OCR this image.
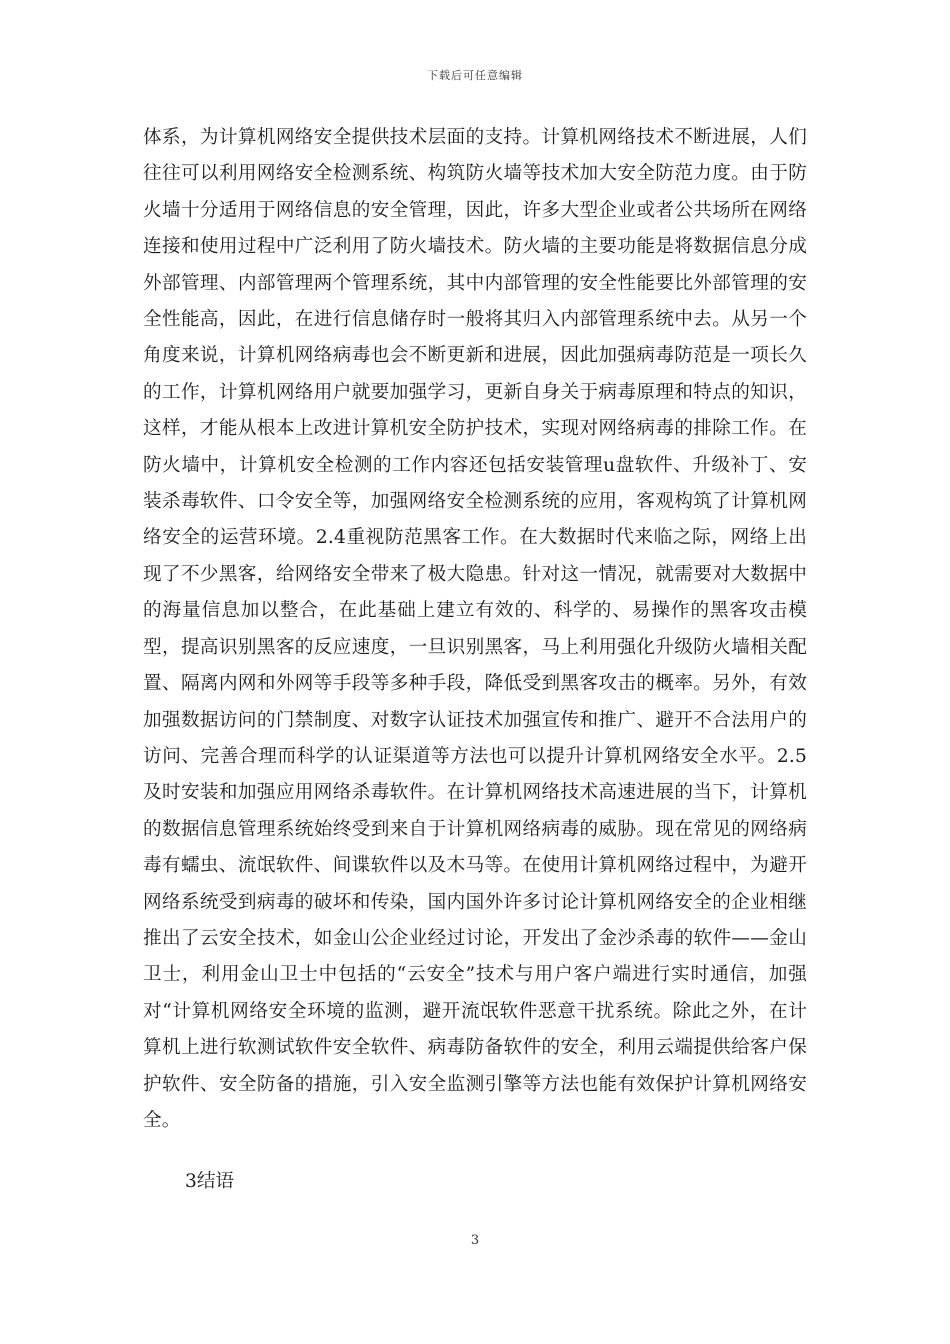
下载后可任意编辑

体系，为计算机网络安全提供技术层面的支持。计算机网络技术不断进展，人们往往可以利用网络安全检测系统、构筑防火墙等技术加大安全防范力度。由于防火墙十分适用于网络信息的安全管理，因此，许多大型企业或者公共场所在网络连接和使用过程中广泛利用了防火墙技术。防火墙的主要功能是将数据信息分成外部管理、内部管理两个管理系统，其中内部管理的安全性能要比外部管理的安全性能高，因此，在进行信息储存时一般将其归入内部管理系统中去。从另一个角度来说，计算机网络病毒也会不断更新和进展，因此加强病毒防范是一项长久的工作，计算机网络用户就要加强学习，更新自身关于病毒原理和特点的知识，这样，才能从根本上改进计算机安全防护技术，实现对网络病毒的排除工作。在防火墙中，计算机安全检测的工作内容还包括安装管理u盘软件、升级补丁、安装杀毒软件、口令安全等，加强网络安全检测系统的应用，客观构筑了计算机网络安全的运营环境。2.4重视防范黑客工作。在大数据时代来临之际，网络上出现了不少黑客，给网络安全带来了极大隐患。针对这一情况，就需要对大数据中的海量信息加以整合，在此基础上建立有效的、科学的、易操作的黑客攻击模型，提高识别黑客的反应速度，一旦识别黑客，马上利用强化升级防火墙相关配置、隔离内网和外网等手段等多种手段，降低受到黑客攻击的概率。另外，有效加强数据访问的门禁制度、对数字认证技术加强宣传和推广、避开不合法用户的访问、完善合理而科学的认证渠道等方法也可以提升计算机网络安全水平。2.5及时安装和加强应用网络杀毒软件。在计算机网络技术高速进展的当下，计算机的数据信息管理系统始终受到来自于计算机网络病毒的威胁。现在常见的网络病毒有蠕虫、流氓软件、间谍软件以及木马等。在使用计算机网络过程中，为避开网络系统受到病毒的破坏和传染，国内国外许多讨论计算机网络安全的企业相继推出了云安全技术，如金山公企业经过讨论，开发出了金沙杀毒的软件——金山卫士，利用金山卫士中包括的“云安全”技术与用户客户端进行实时通信，加强对“计算机网络安全环境的监测，避开流氓软件恶意干扰系统。除此之外，在计算机上进行软测试软件安全软件、病毒防备软件的安全，利用云端提供给客户保护软件、安全防备的措施，引入安全监测引擎等方法也能有效保护计算机网络安全。

3结语
3
